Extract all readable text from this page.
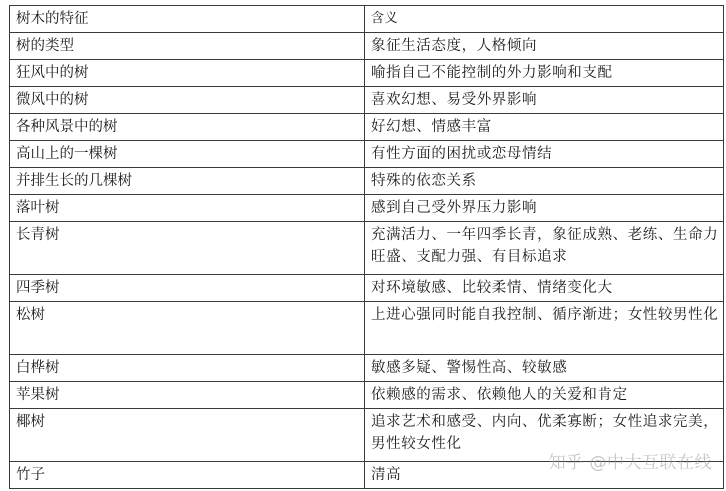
树木的特征	含义
树的类型	象征生活态度，人格倾向
狂风中的树	喻指自己不能控制的外力影响和支配
微风中的树	喜欢幻想、易受外界影响
各种风景中的树	好幻想、情感丰富
高山上的一棵树	有性方面的困扰或恋母情结
并排生长的几棵树	特殊的依恋关系
落叶树	感到自己受外界压力影响
长青树	充满活力、一年四季长青，象征成熟、老练、生命力旺盛、支配力强、有目标追求
四季树	对环境敏感、比较柔情、情绪变化大
松树	上进心强同时能自我控制、循序渐进；女性较男性化
白桦树	敏感多疑、警惕性高、较敏感
苹果树	依赖感的需求、依赖他人的关爱和肯定
椰树	追求艺术和感受、内向、优柔寡断；女性追求完美，男性较女性化
竹子	清高
知乎 @中大互联在线
